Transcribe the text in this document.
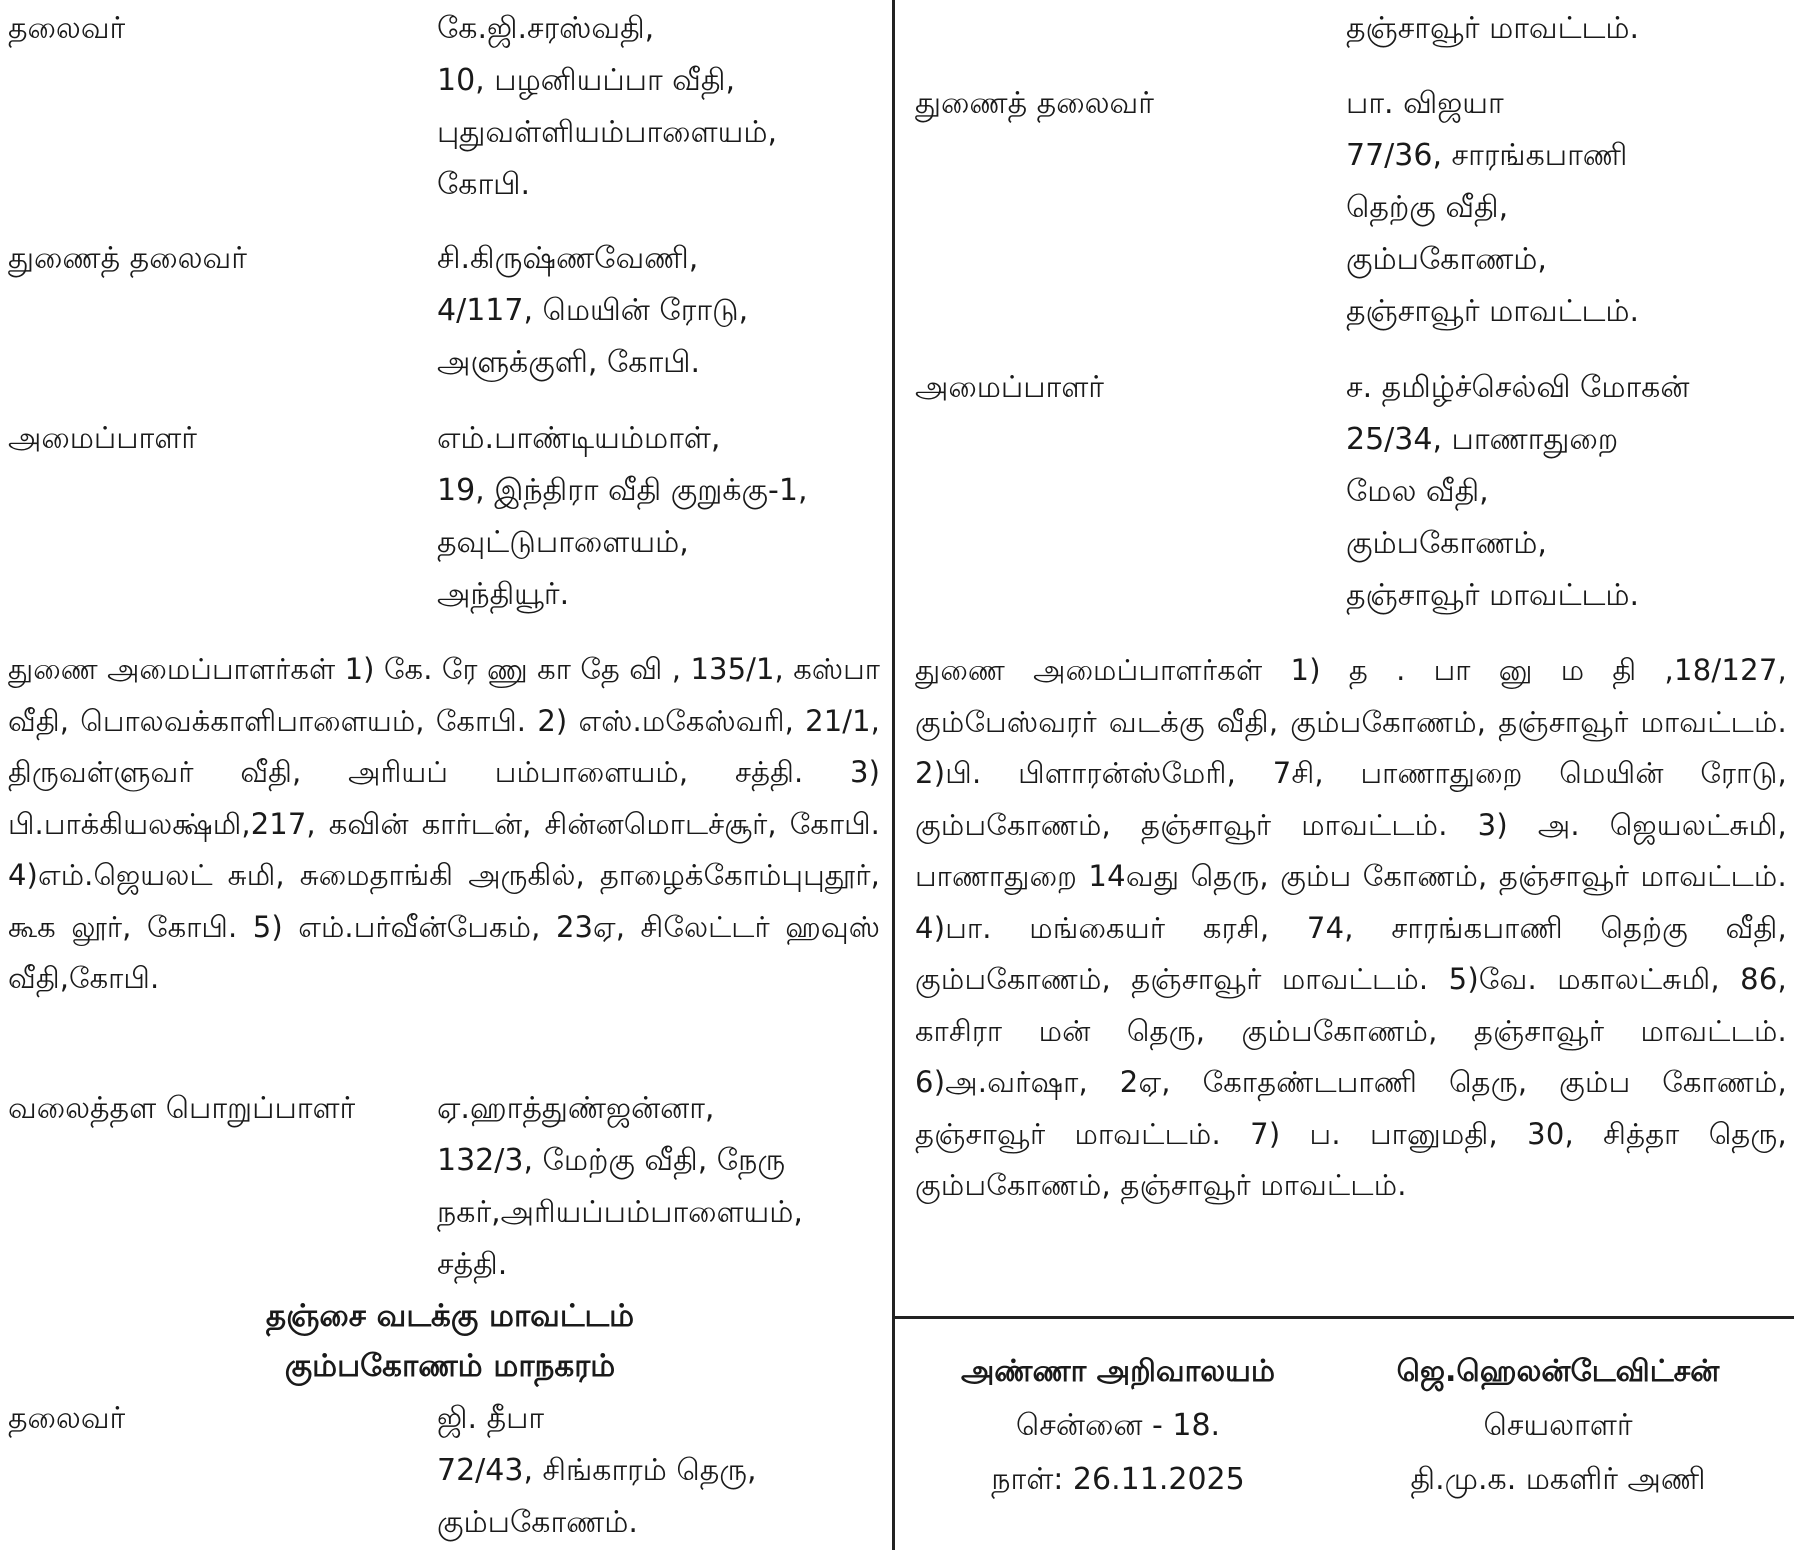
தலைவர்	கே.ஜி.சரஸ்வதி,
10, பழனியப்பா வீதி,
புதுவள்ளியம்பாளையம்,
கோபி.
துணைத் தலைவர்	சி.கிருஷ்ணவேணி,
4/117, மெயின் ரோடு,
அளுக்குளி, கோபி.
அமைப்பாளர்	எம்.பாண்டியம்மாள்,
19, இந்திரா வீதி குறுக்கு-1,
தவுட்டுபாளையம்,
அந்தியூர்.
துணை அமைப்பாளர்கள் 1) கே. ரே ணு கா தே வி , 135/1, கஸ்பா வீதி, பொலவக்காளிபாளையம், கோபி. 2) எஸ்.மகேஸ்வரி, 21/1, திருவள்ளுவர் வீதி, அரியப் பம்பாளையம், சத்தி. 3) பி.பாக்கியலக்ஷ்மி,217, கவின் கார்டன், சின்னமொடச்சூர், கோபி. 4)எம்.ஜெயலட் சுமி, சுமைதாங்கி அருகில், தாழைக்கோம்புபுதூர், கூக லூர், கோபி. 5) எம்.பர்வீன்பேகம், 23ஏ, சிலேட்டர் ஹவுஸ் வீதி,கோபி.
வலைத்தள பொறுப்பாளர்	ஏ.ஹாத்துண்ஜன்னா,
132/3, மேற்கு வீதி, நேரு
நகர்,அரியப்பம்பாளையம்,
சத்தி.
தஞ்சை வடக்கு மாவட்டம்
கும்பகோணம் மாநகரம்
தலைவர்	ஜி. தீபா
72/43, சிங்காரம் தெரு,
கும்பகோணம்.
தஞ்சாவூர் மாவட்டம்.
துணைத் தலைவர்	பா. விஜயா
77/36, சாரங்கபாணி
தெற்கு வீதி,
கும்பகோணம்,
தஞ்சாவூர் மாவட்டம்.
அமைப்பாளர்	ச. தமிழ்ச்செல்வி மோகன்
25/34, பாணாதுறை
மேல வீதி,
கும்பகோணம்,
தஞ்சாவூர் மாவட்டம்.
துணை அமைப்பாளர்கள் 1) த . பா னு ம தி ,18/127, கும்பேஸ்வரர் வடக்கு வீதி, கும்பகோணம், தஞ்சாவூர் மாவட்டம். 2)பி. பிளாரன்ஸ்மேரி, 7சி, பாணாதுறை மெயின் ரோடு, கும்பகோணம், தஞ்சாவூர் மாவட்டம். 3) அ. ஜெயலட்சுமி, பாணாதுறை 14வது தெரு, கும்ப கோணம், தஞ்சாவூர் மாவட்டம். 4)பா. மங்கையர் கரசி, 74, சாரங்கபாணி தெற்கு வீதி, கும்பகோணம், தஞ்சாவூர் மாவட்டம். 5)வே. மகாலட்சுமி, 86, காசிரா மன் தெரு, கும்பகோணம், தஞ்சாவூர் மாவட்டம். 6)அ.வர்ஷா, 2ஏ, கோதண்டபாணி தெரு, கும்ப கோணம், தஞ்சாவூர் மாவட்டம். 7) ப. பானுமதி, 30, சித்தா தெரு, கும்பகோணம், தஞ்சாவூர் மாவட்டம்.
அண்ணா அறிவாலயம்
சென்னை - 18.
நாள்: 26.11.2025
ஜெ.ஹெலன்டேவிட்சன்
செயலாளர்
தி.மு.க. மகளிர் அணி
